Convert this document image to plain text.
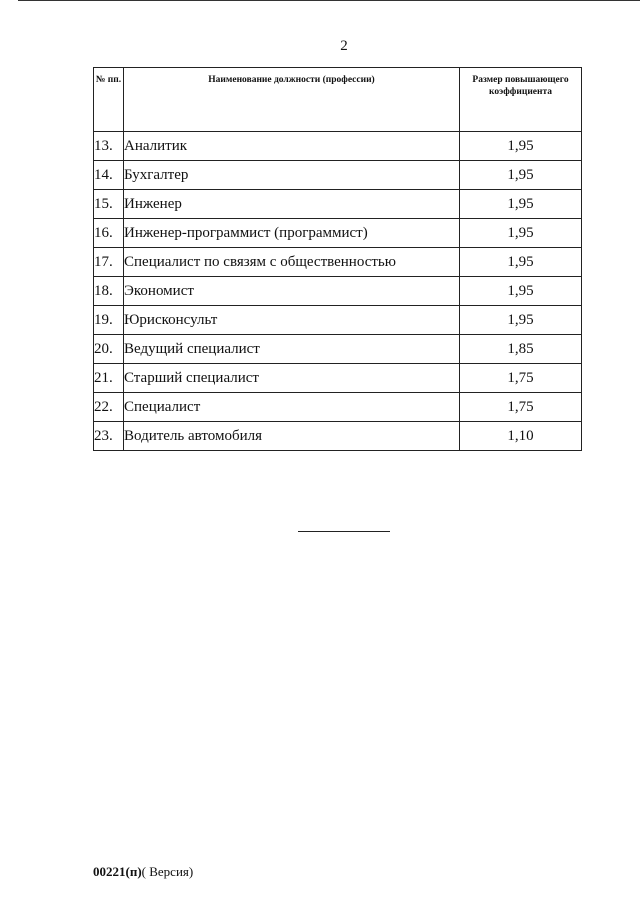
2
№ пп.	Наименование должности (профессии)	Размер повышающего коэффициента
13.	Аналитик	1,95
14.	Бухгалтер	1,95
15.	Инженер	1,95
16.	Инженер-программист (программист)	1,95
17.	Специалист по связям с общественностью	1,95
18.	Экономист	1,95
19.	Юрисконсульт	1,95
20.	Ведущий специалист	1,85
21.	Старший специалист	1,75
22.	Специалист	1,75
23.	Водитель автомобиля	1,10
00221(п)( Версия)
